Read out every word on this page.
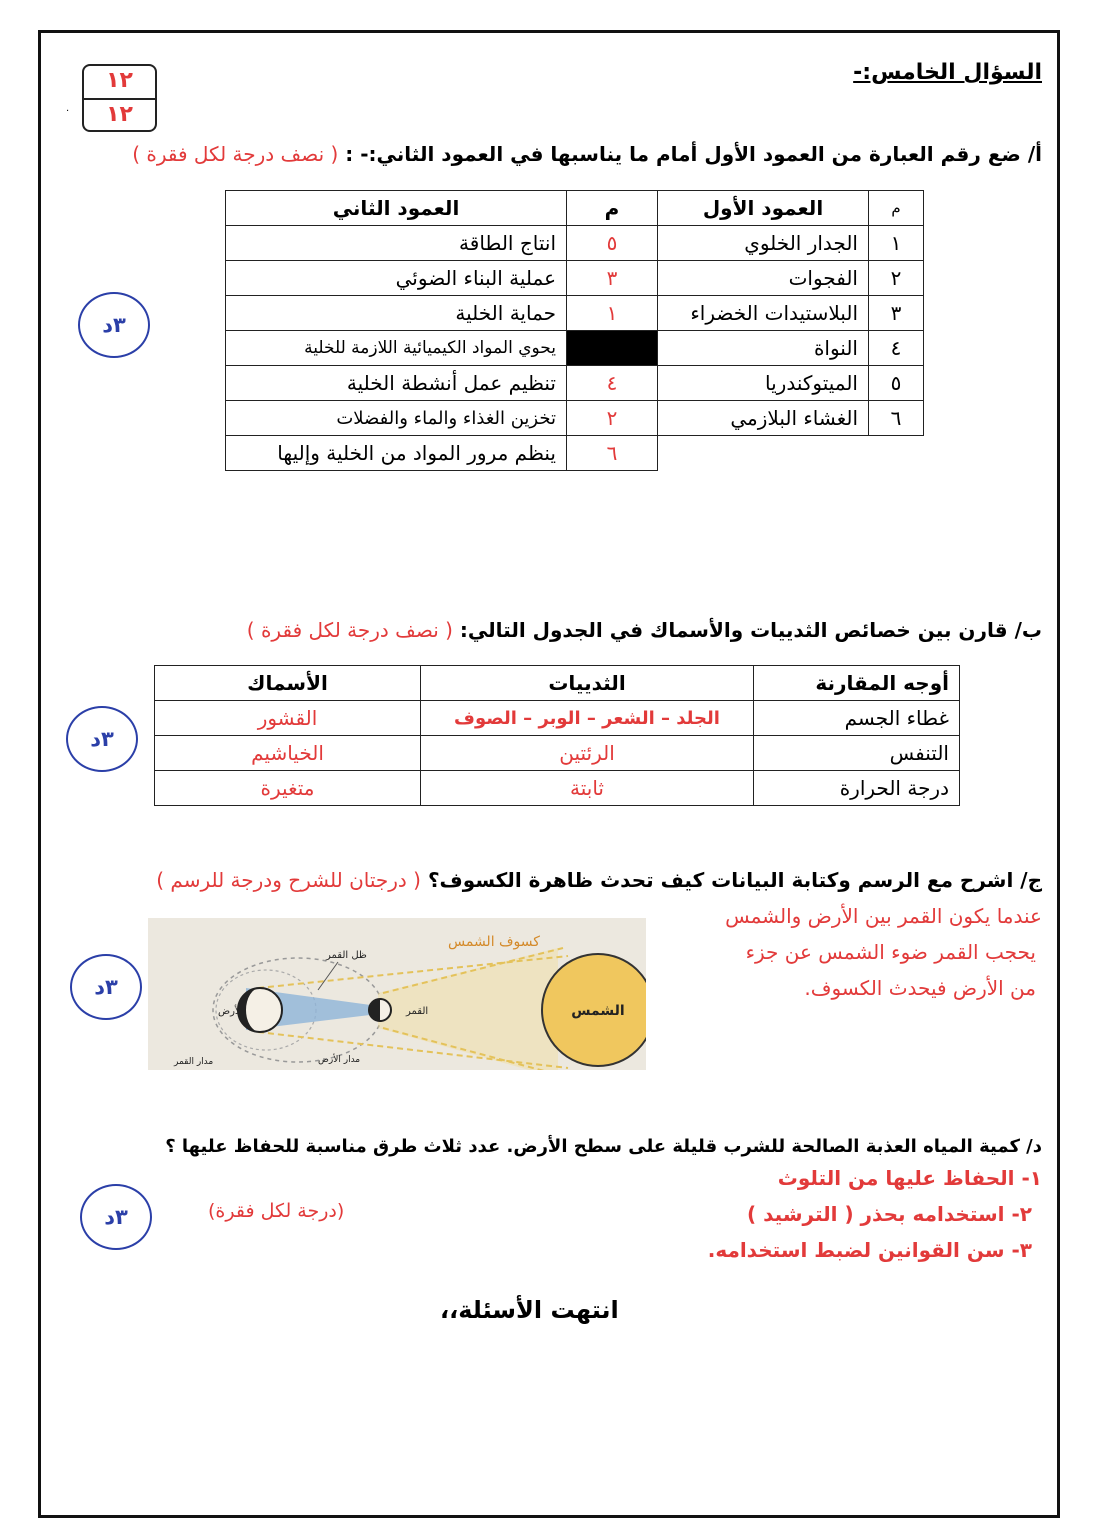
السؤال الخامس:-
١٢
١٢
.
أ/ ضع رقم العبارة من العمود الأول أمام ما يناسبها في العمود الثاني:- : ( نصف درجة لكل فقرة )
م	العمود الأول	م	العمود الثاني
١	الجدار الخلوي	٥	انتاج الطاقة
٢	الفجوات	٣	عملية البناء الضوئي
٣	البلاستيدات الخضراء	١	حماية الخلية
٤	النواة		يحوي المواد الكيميائية اللازمة للخلية
٥	الميتوكندريا	٤	تنظيم عمل أنشطة الخلية
٦	الغشاء البلازمي	٢	تخزين الغذاء والماء والفضلات
		٦	ينظم مرور المواد من الخلية وإليها
٣د
ب/ قارن بين خصائص الثدييات والأسماك في الجدول التالي: ( نصف درجة لكل فقرة )
أوجه المقارنة	الثدييات	الأسماك
غطاء الجسم	الجلد – الشعر – الوبر – الصوف	القشور
التنفس	الرئتين	الخياشيم
درجة الحرارة	ثابتة	متغيرة
٣د
ج/ اشرح مع الرسم وكتابة البيانات كيف تحدث ظاهرة الكسوف؟ ( درجتان للشرح ودرجة للرسم )
عندما يكون القمر بين الأرض والشمس
يحجب القمر ضوء الشمس عن جزء
من الأرض فيحدث الكسوف.
كسوف الشمس
الشمس
القمر
الأرض
ظل القمر
مدار القمر	مدار الأرض
٣د
د/ كمية المياه العذبة الصالحة للشرب قليلة على سطح الأرض. عدد ثلاث طرق مناسبة للحفاظ عليها ؟
١- الحفاظ عليها من التلوث
٢- استخدامه بحذر ( الترشيد )
٣- سن القوانين لضبط استخدامه.
(درجة لكل فقرة)
٣د
انتهت الأسئلة،،
